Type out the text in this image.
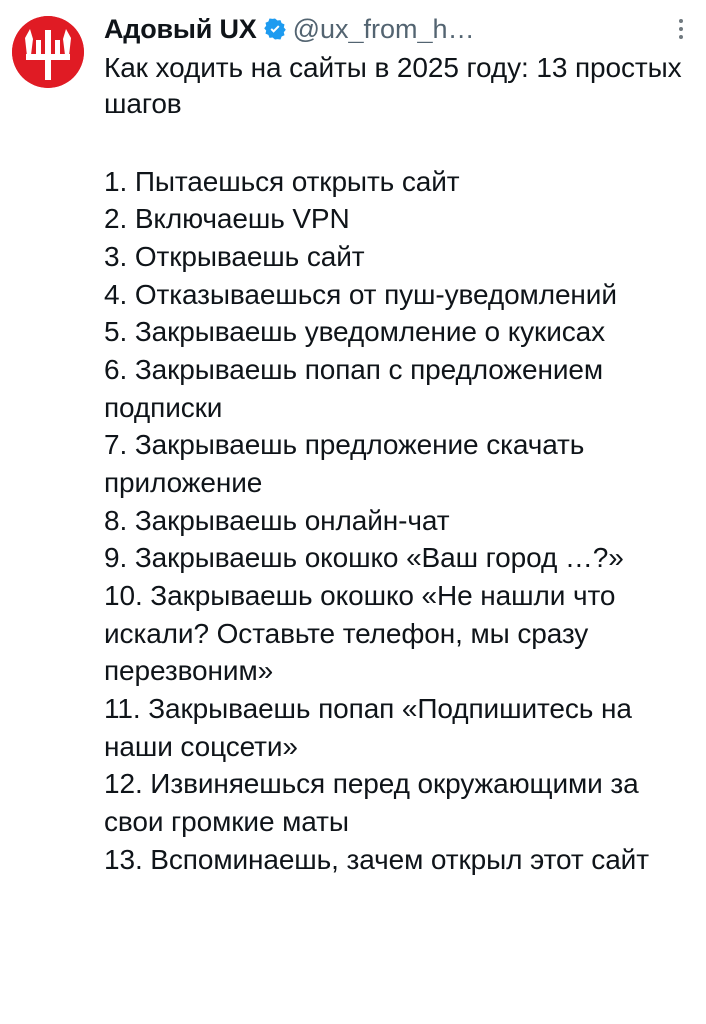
Адовый UX @ux_from_h…
Как ходить на сайты в 2025 году: 13 простых шагов
1. Пытаешься открыть сайт
2. Включаешь VPN
3. Открываешь сайт
4. Отказываешься от пуш-уведомлений
5. Закрываешь уведомление о кукисах
6. Закрываешь попап с предложением подписки
7. Закрываешь предложение скачать приложение
8. Закрываешь онлайн-чат
9. Закрываешь окошко «Ваш город …?»
10. Закрываешь окошко «Не нашли что искали? Оставьте телефон, мы сразу перезвоним»
11. Закрываешь попап «Подпишитесь на наши соцсети»
12. Извиняешься перед окружающими за свои громкие маты
13. Вспоминаешь, зачем открыл этот сайт
